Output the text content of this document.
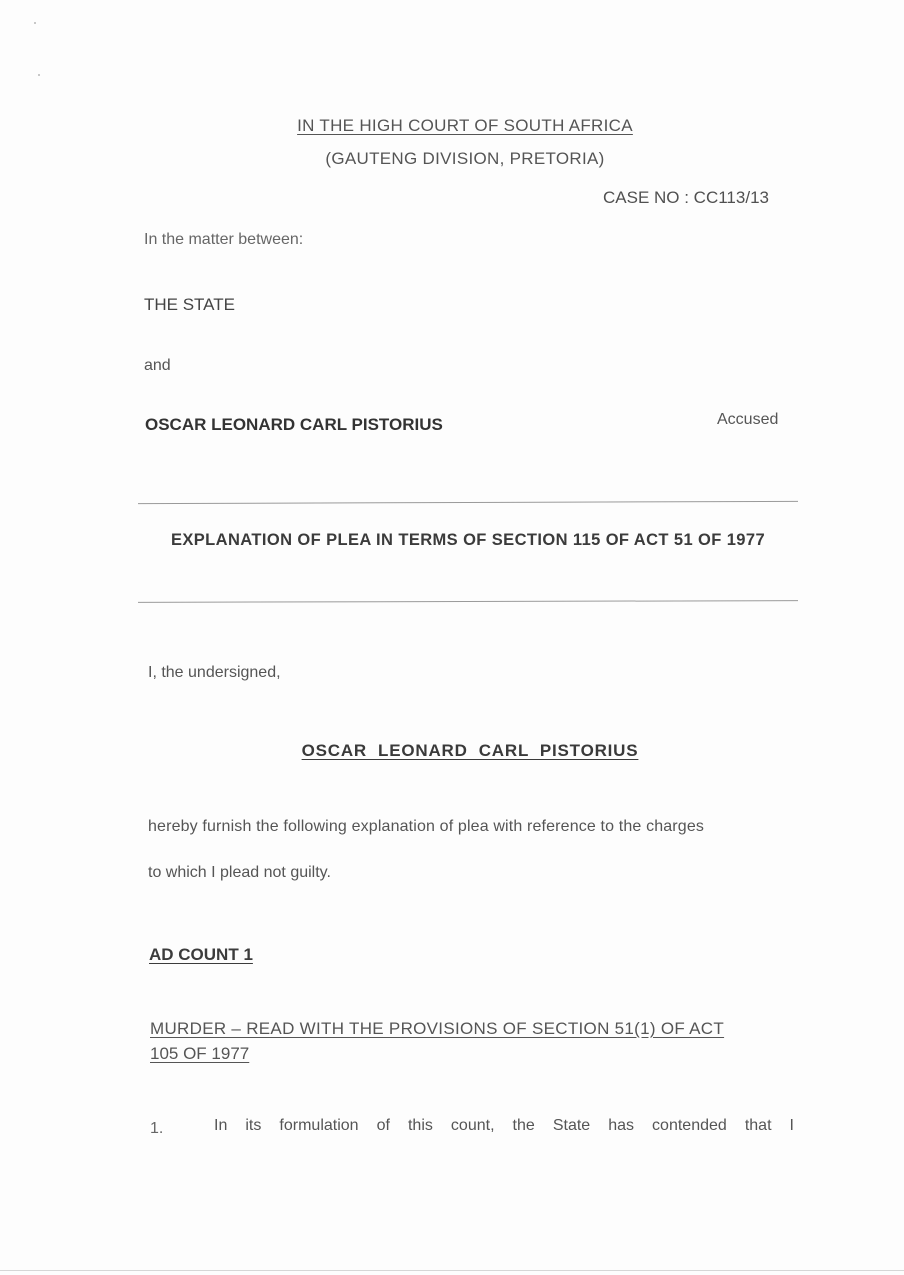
IN THE HIGH COURT OF SOUTH AFRICA
(GAUTENG DIVISION, PRETORIA)
CASE NO : CC113/13
In the matter between:
THE STATE
and
OSCAR LEONARD CARL PISTORIUS	Accused
EXPLANATION OF PLEA IN TERMS OF SECTION 115 OF ACT 51 OF 1977
I, the undersigned,
OSCAR  LEONARD  CARL  PISTORIUS
hereby furnish the following explanation of plea with reference to the charges
to which I plead not guilty.
AD COUNT 1
MURDER – READ WITH THE PROVISIONS OF SECTION 51(1) OF ACT
105 OF 1977
1.	In its formulation of this count, the State has contended that I
